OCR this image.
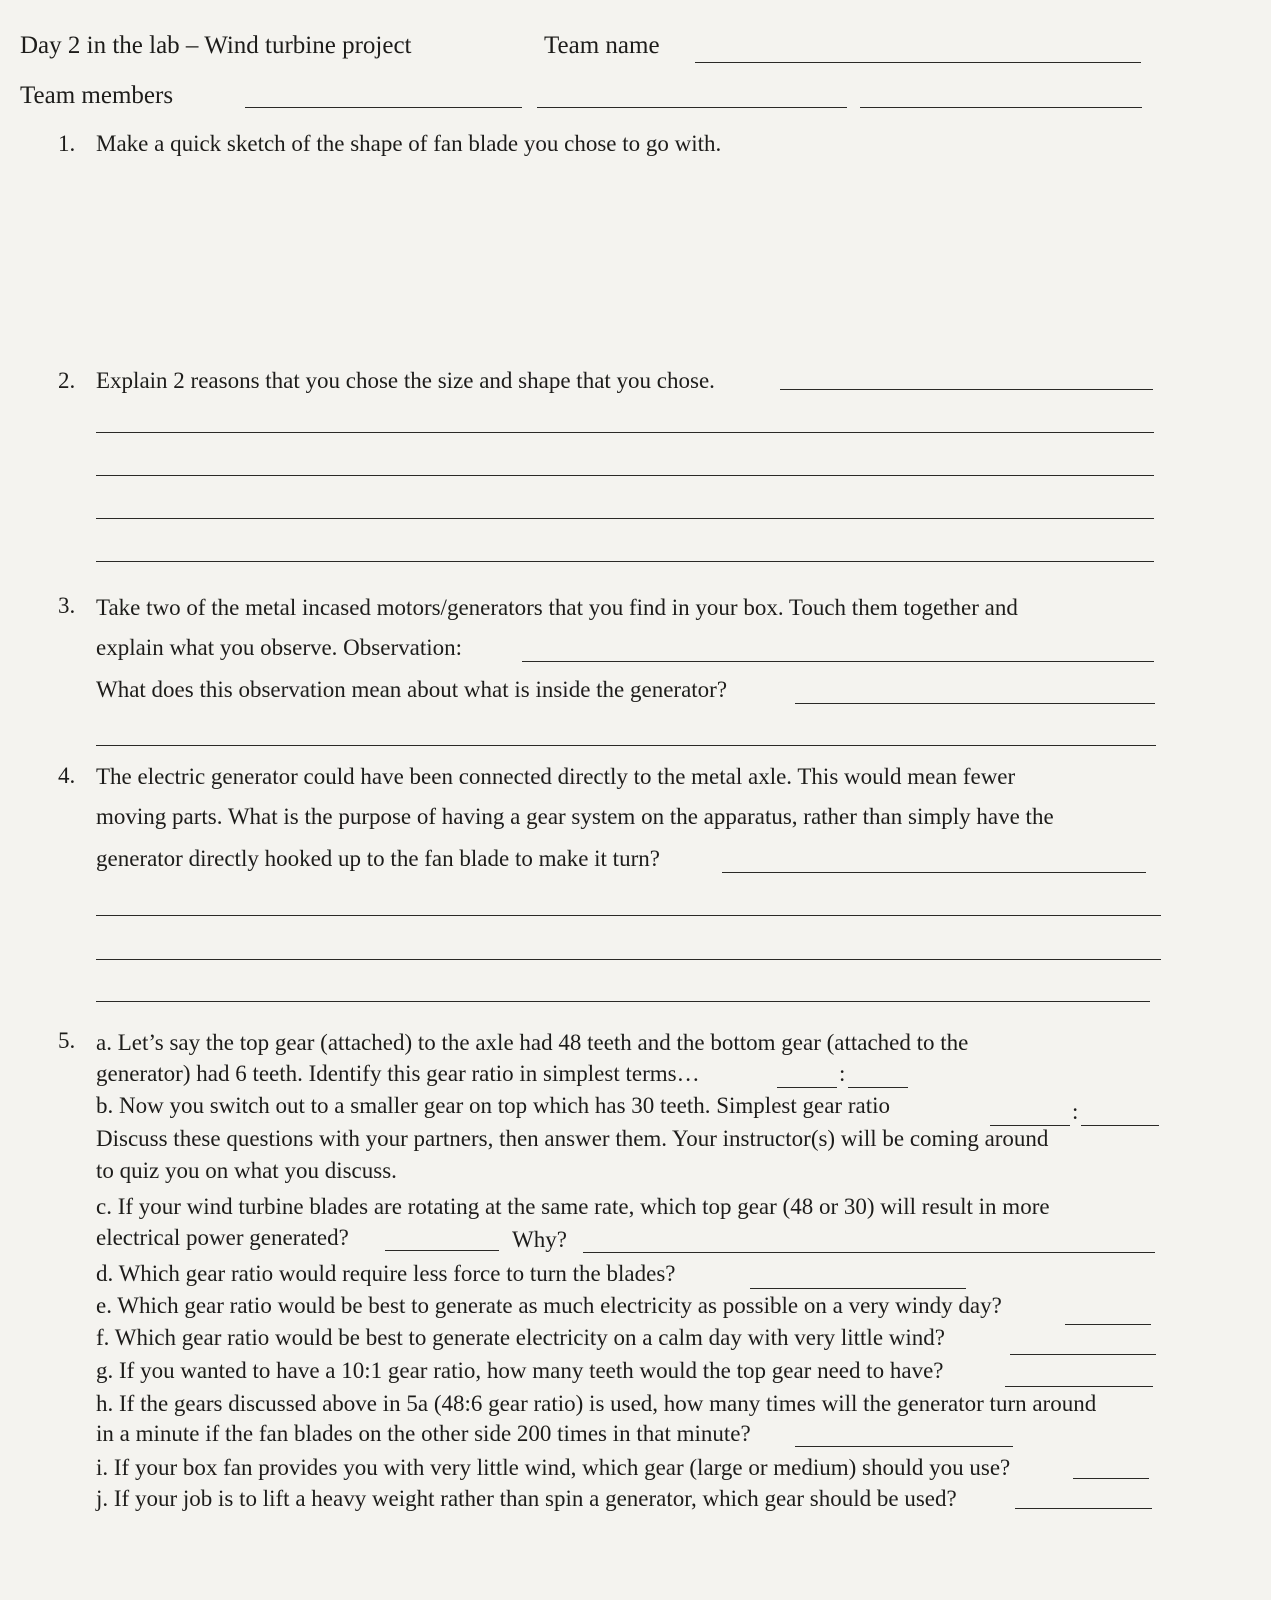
Day 2 in the lab – Wind turbine project	Team name
Team members
1. Make a quick sketch of the shape of fan blade you chose to go with.
2. Explain 2 reasons that you chose the size and shape that you chose.
3. Take two of the metal incased motors/generators that you find in your box. Touch them together and
explain what you observe. Observation:
What does this observation mean about what is inside the generator?
4. The electric generator could have been connected directly to the metal axle. This would mean fewer
moving parts. What is the purpose of having a gear system on the apparatus, rather than simply have the
generator directly hooked up to the fan blade to make it turn?
5. a. Let’s say the top gear (attached) to the axle had 48 teeth and the bottom gear (attached to the
generator) had 6 teeth. Identify this gear ratio in simplest terms…	:
b. Now you switch out to a smaller gear on top which has 30 teeth. Simplest gear ratio	:
Discuss these questions with your partners, then answer them. Your instructor(s) will be coming around
to quiz you on what you discuss.
c. If your wind turbine blades are rotating at the same rate, which top gear (48 or 30) will result in more
electrical power generated?	Why?
d. Which gear ratio would require less force to turn the blades?
e. Which gear ratio would be best to generate as much electricity as possible on a very windy day?
f. Which gear ratio would be best to generate electricity on a calm day with very little wind?
g. If you wanted to have a 10:1 gear ratio, how many teeth would the top gear need to have?
h. If the gears discussed above in 5a (48:6 gear ratio) is used, how many times will the generator turn around
in a minute if the fan blades on the other side 200 times in that minute?
i. If your box fan provides you with very little wind, which gear (large or medium) should you use?
j. If your job is to lift a heavy weight rather than spin a generator, which gear should be used?
